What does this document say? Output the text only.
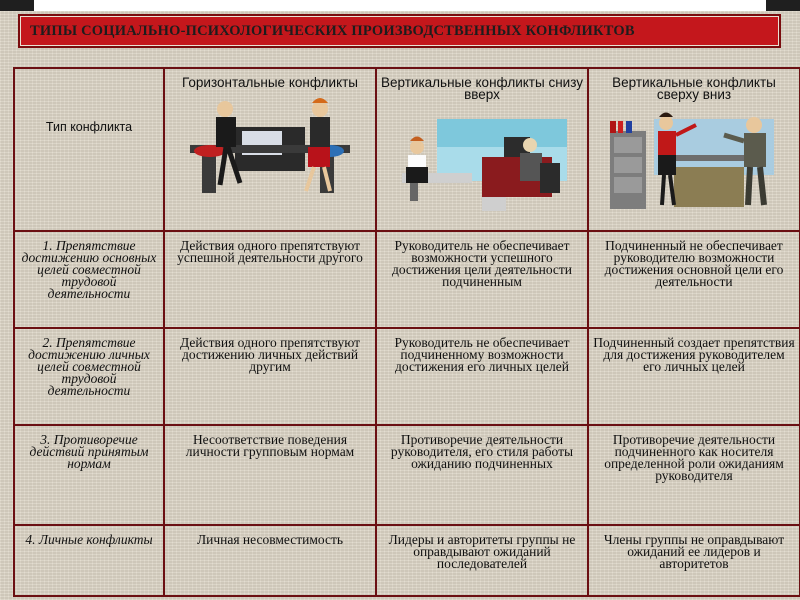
ТИПЫ СОЦИАЛЬНО-ПСИХОЛОГИЧЕСКИХ ПРОИЗВОДСТВЕННЫХ КОНФЛИКТОВ
Тип конфликта	Горизонтальные конфликты	Вертикальные конфликты снизу вверх	Вертикальные конфликты сверху вниз

1. Препятствие достижению основных целей совместной трудовой деятельности	Действия одного препятствуют успешной деятельности другого	Руководитель не обеспечивает возможности успешного достижения цели деятельности подчиненным	Подчиненный не обеспечивает руководителю возможности достижения основной цели его деятельности

2. Препятствие достижению личных целей совместной трудовой деятельности	Действия одного препятствуют достижению личных действий другим	Руководитель не обеспечивает подчиненному возможности достижения его личных целей	Подчиненный создает препятствия для достижения руководителем его личных целей

3. Противоречие действий принятым нормам	Несоответствие поведения личности групповым нормам	Противоречие деятельности руководителя, его стиля работы ожиданию подчиненных	Противоречие деятельности подчиненного как носителя определенной роли ожиданиям руководителя

4. Личные конфликты	Личная несовместимость	Лидеры и авторитеты группы не оправдывают ожиданий последователей	Члены группы не оправдывают ожиданий ее лидеров и авторитетов
